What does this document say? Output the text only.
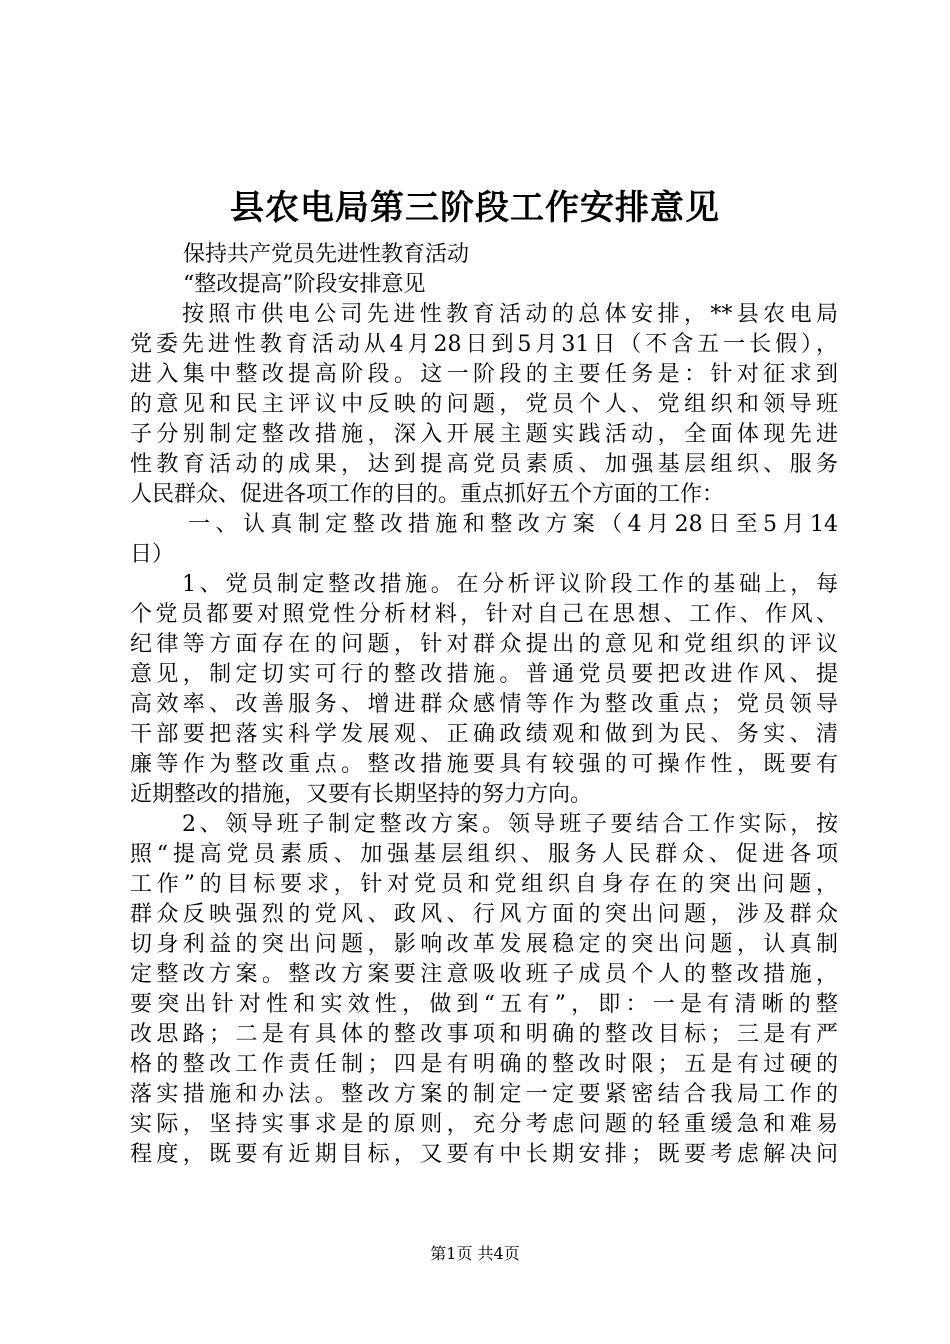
县农电局第三阶段工作安排意见
保持共产党员先进性教育活动
“整改提高”阶段安排意见
按照市供电公司先进性教育活动的总体安排，**县农电局
党委先进性教育活动从4月28日到5月31日（不含五一长假），
进入集中整改提高阶段。这一阶段的主要任务是：针对征求到
的意见和民主评议中反映的问题，党员个人、党组织和领导班
子分别制定整改措施，深入开展主题实践活动，全面体现先进
性教育活动的成果，达到提高党员素质、加强基层组织、服务
人民群众、促进各项工作的目的。重点抓好五个方面的工作：
一、认真制定整改措施和整改方案（4月28日至5月14
日）
1、党员制定整改措施。在分析评议阶段工作的基础上，每
个党员都要对照党性分析材料，针对自己在思想、工作、作风、
纪律等方面存在的问题，针对群众提出的意见和党组织的评议
意见，制定切实可行的整改措施。普通党员要把改进作风、提
高效率、改善服务、增进群众感情等作为整改重点；党员领导
干部要把落实科学发展观、正确政绩观和做到为民、务实、清
廉等作为整改重点。整改措施要具有较强的可操作性，既要有
近期整改的措施，又要有长期坚持的努力方向。
2、领导班子制定整改方案。领导班子要结合工作实际，按
照“提高党员素质、加强基层组织、服务人民群众、促进各项
工作”的目标要求，针对党员和党组织自身存在的突出问题，
群众反映强烈的党风、政风、行风方面的突出问题，涉及群众
切身利益的突出问题，影响改革发展稳定的突出问题，认真制
定整改方案。整改方案要注意吸收班子成员个人的整改措施，
要突出针对性和实效性，做到“五有”，即：一是有清晰的整
改思路；二是有具体的整改事项和明确的整改目标；三是有严
格的整改工作责任制；四是有明确的整改时限；五是有过硬的
落实措施和办法。整改方案的制定一定要紧密结合我局工作的
实际，坚持实事求是的原则，充分考虑问题的轻重缓急和难易
程度，既要有近期目标，又要有中长期安排；既要考虑解决问
第1页 共4页
